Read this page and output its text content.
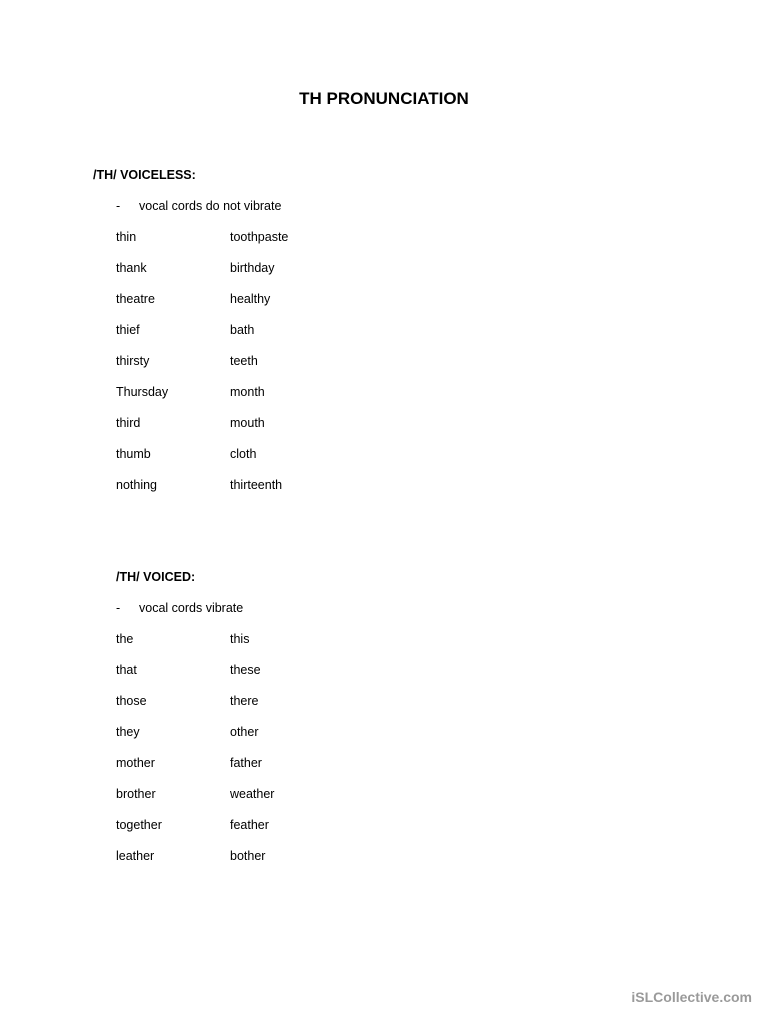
TH PRONUNCIATION
/TH/ VOICELESS:
- vocal cords do not vibrate
thin	toothpaste
thank	birthday
theatre	healthy
thief	bath
thirsty	teeth
Thursday	month
third	mouth
thumb	cloth
nothing	thirteenth
/TH/ VOICED:
- vocal cords vibrate
the	this
that	these
those	there
they	other
mother	father
brother	weather
together	feather
leather	bother
iSLCollective.com
